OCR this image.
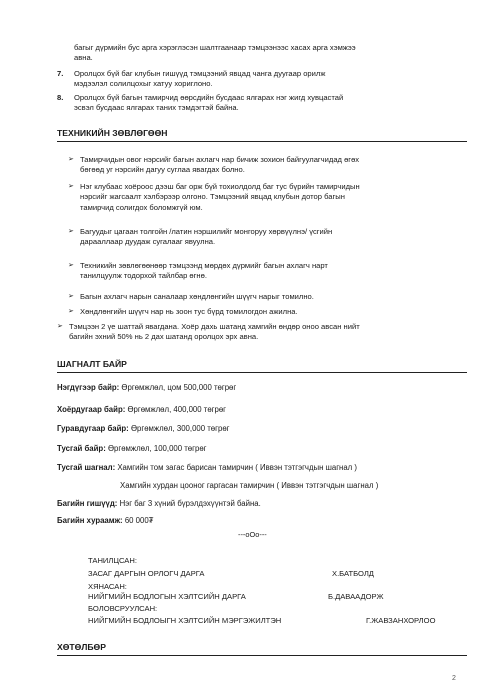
багыг дүрмийн бус арга хэрэглэсэн шалтгаанаар тэмцээнээс хасах арга хэмжээ
авна.
7. Оролцох бүй баг клубын гишүүд тэмцээний явцад чанга дуугаар орилж
мэдээлэл солилцохыг хатуу хориглоно.
8. Оролцох бүй багын тамирчид өөрсдийн бусдаас ялгарах нэг жигд хувцастай
эсвэл бусдаас ялгарах таних тэмдэгтэй байна.
ТЕХНИКИЙН ЗӨВЛӨГӨӨН
➢ Тамирчидын овог нэрсийг багын ахлагч нар бичиж зохион байгуулагчидад өгөх
бөгөөд уг нэрсийн дагуу суглаа явагдах болно.
➢ Нэг клубаас хоёроос дээш баг орж бүй тохиолдолд баг тус бүрийн тамирчидын
нэрсийг жагсаалт хэлбэрээр олгоно. Тэмцээний явцад клубын дотор багын
тамирчид солигдох боломжгүй юм.
➢ Багуудыг цагаан толгойн /латин нэршилийг монгоруу хөрвүүлнэ/ үсгийн
дарааллаар дуудаж сугалааг явуулна.
➢ Техникийн зөвлөгөөнөөр тэмцээнд мөрдөх дүрмийг багын ахлагч нарт
танилцуулж тодорхой тайлбар өгнө.
➢ Багын ахлагч нарын саналаар хөндлөнгийн шүүгч нарыг томилно.
➢ Хөндлөнгийн шүүгч нар нь зоон тус бүрд томилогдон ажилна.
➢ Тэмцээн 2 үе шаттай явагдана. Хоёр дахь шатанд хамгийн өндөр оноо авсан нийт
багийн эхний 50% нь 2 дах шатанд оролцох эрх авна.
ШАГНАЛТ БАЙР
Нэгдүгээр байр: Өргөмжлөл, цом 500,000 төгрөг
Хоёрдугаар байр: Өргөмжлөл, 400,000 төгрөг
Гуравдугаар байр: Өргөмжлөл, 300,000 төгрөг
Тусгай байр: Өргөмжлөл, 100,000 төгрөг
Тусгай шагнал: Хамгийн том загас барисан тамирчин ( Иввэн тэтгэгчдын шагнал )
Хамгийн хурдан цооног гаргасан тамирчин ( Иввэн тэтгэгчдын шагнал )
Багийн гишүүд: Нэг баг 3 хүний бүрэлдэхүүнтэй байна.
Багийн хураамж: 60 000₮
---oOo---
ТАНИЛЦСАН:
ЗАСАГ ДАРГЫН ОРЛОГЧ ДАРГА	Х.БАТБОЛД
ХЯНАСАН:
НИЙГМИЙН БОДЛОГЫН ХЭЛТСИЙН ДАРГА	Б.ДАВААДОРЖ
БОЛОВСРУУЛСАН:
НИЙГМИЙН БОДЛОЫГН ХЭЛТСИЙН МЭРГЭЖИЛТЭН	Г.ЖАВЗАНХОРЛОО
ХӨТӨЛБӨР
2
